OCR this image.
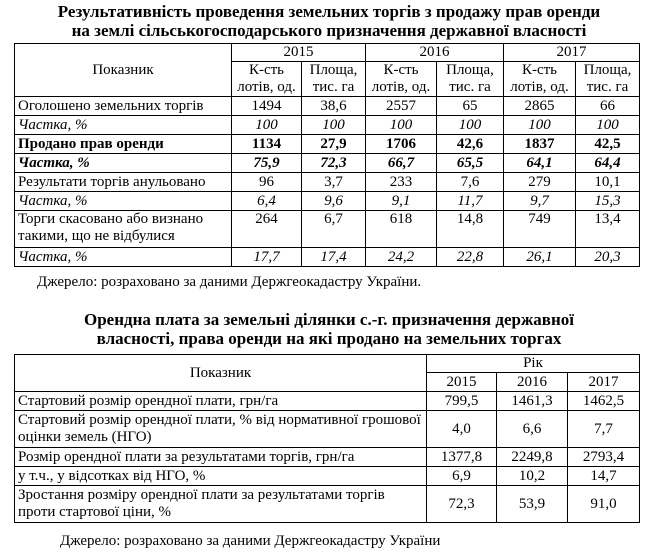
Результативність проведення земельних торгів з продажу прав оренди
на землі сільськогосподарського призначення державної власності
Показник	2015		2016		2017	
	К-сть лотів, од.	Площа, тис. га	К-сть лотів, од.	Площа, тис. га	К-сть лотів, од.	Площа, тис. га
Оголошено земельних торгів	1494	38,6	2557	65	2865	66
Частка, %	100	100	100	100	100	100
Продано прав оренди	1134	27,9	1706	42,6	1837	42,5
Частка, %	75,9	72,3	66,7	65,5	64,1	64,4
Результати торгів анульовано	96	3,7	233	7,6	279	10,1
Частка, %	6,4	9,6	9,1	11,7	9,7	15,3
Торги скасовано або визнано такими, що не відбулися	264	6,7	618	14,8	749	13,4
Частка, %	17,7	17,4	24,2	22,8	26,1	20,3
Джерело: розраховано за даними Держгеокадастру України.
Орендна плата за земельні ділянки с.-г. призначення державної
власності, права оренди на які продано на земельних торгах
Показник	Рік		
	2015	2016	2017
Стартовий розмір орендної плати, грн/га	799,5	1461,3	1462,5
Стартовий розмір орендної плати, % від нормативної грошової оцінки земель (НГО)	4,0	6,6	7,7
Розмір орендної плати за результатами торгів, грн/га	1377,8	2249,8	2793,4
у т.ч., у відсотках від НГО, %	6,9	10,2	14,7
Зростання розміру орендної плати за результатами торгів проти стартової ціни, %	72,3	53,9	91,0
Джерело: розраховано за даними Держгеокадастру України
